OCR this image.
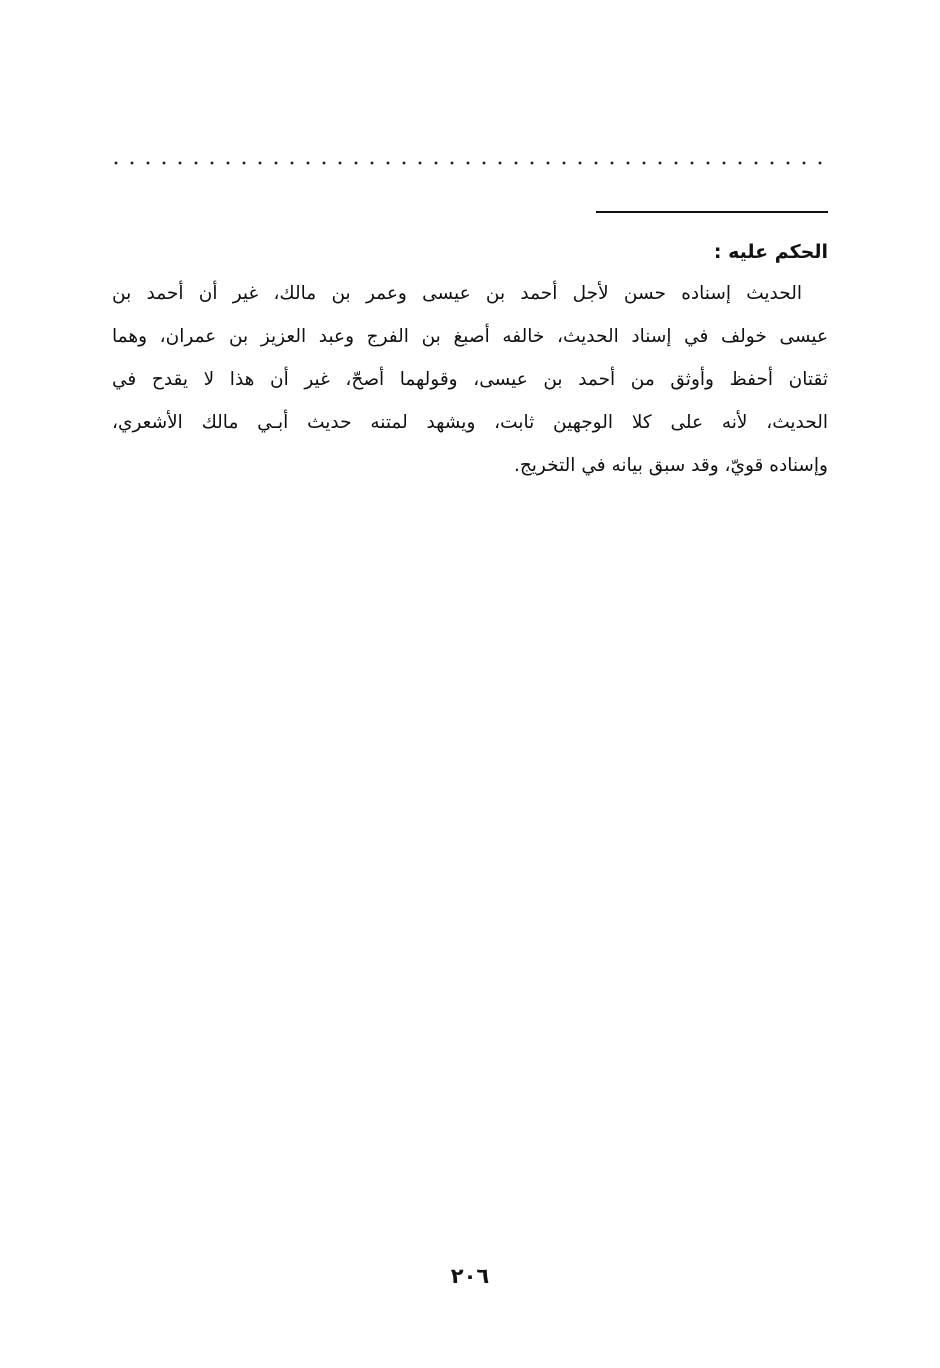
الحكم عليه :

الحديث إسناده حسن لأجل أحمد بن عيسى وعمر بن مالك، غير أن أحمد بن

عيسى خولف في إسناد الحديث، خالفه أصبغ بن الفرج وعبد العزيز بن عمران، وهما

ثقتان أحفظ وأوثق من أحمد بن عيسى، وقولهما أصحّ، غير أن هذا لا يقدح في

الحديث، لأنه على كلا الوجهين ثابت، ويشهد لمتنه حديث أبـي مالك الأشعري،

وإسناده قويّ، وقد سبق بيانه في التخريج.

٢٠٦
